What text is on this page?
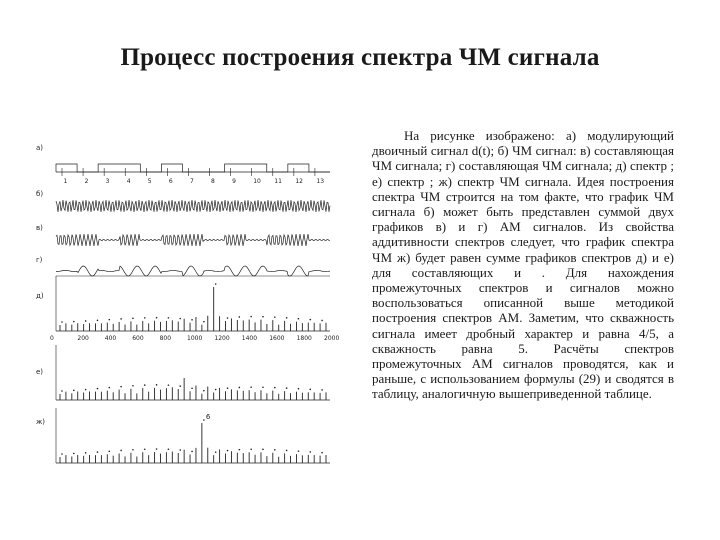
Процесс построения спектра ЧМ сигнала
a)
1	2	3	4	5	6	7	8	9	10 11 12 13
б)
в)
г)
д)
0	200	400	600	800	1000 1200 1400 1600 1800 2000
е)
ж)
6

На рисунке изображено: а) модулирующий двоичный сигнал d(t); б) ЧМ сигнал: в) составляющая ЧМ сигнала; г) составляющая ЧМ сигнала; д) спектр ; е) спектр ; ж) спектр ЧМ сигнала. Идея построения спектра ЧМ строится на том факте, что график ЧМ сигнала б) может быть представлен суммой двух графиков в) и г) АМ сигналов. Из свойства аддитивности спектров следует, что график спектра ЧМ ж) будет равен сумме графиков спектров д) и е) для составляющих и . Для нахождения промежуточных спектров и сигналов можно воспользоваться описанной выше методикой построения спектров АМ. Заметим, что скважность сигнала имеет дробный характер и равна 4/5, а скважность равна 5. Расчёты спектров промежуточных АМ сигналов проводятся, как и раньше, с использованием формулы (29) и сводятся в таблицу, аналогичную вышеприведенной таблице.
